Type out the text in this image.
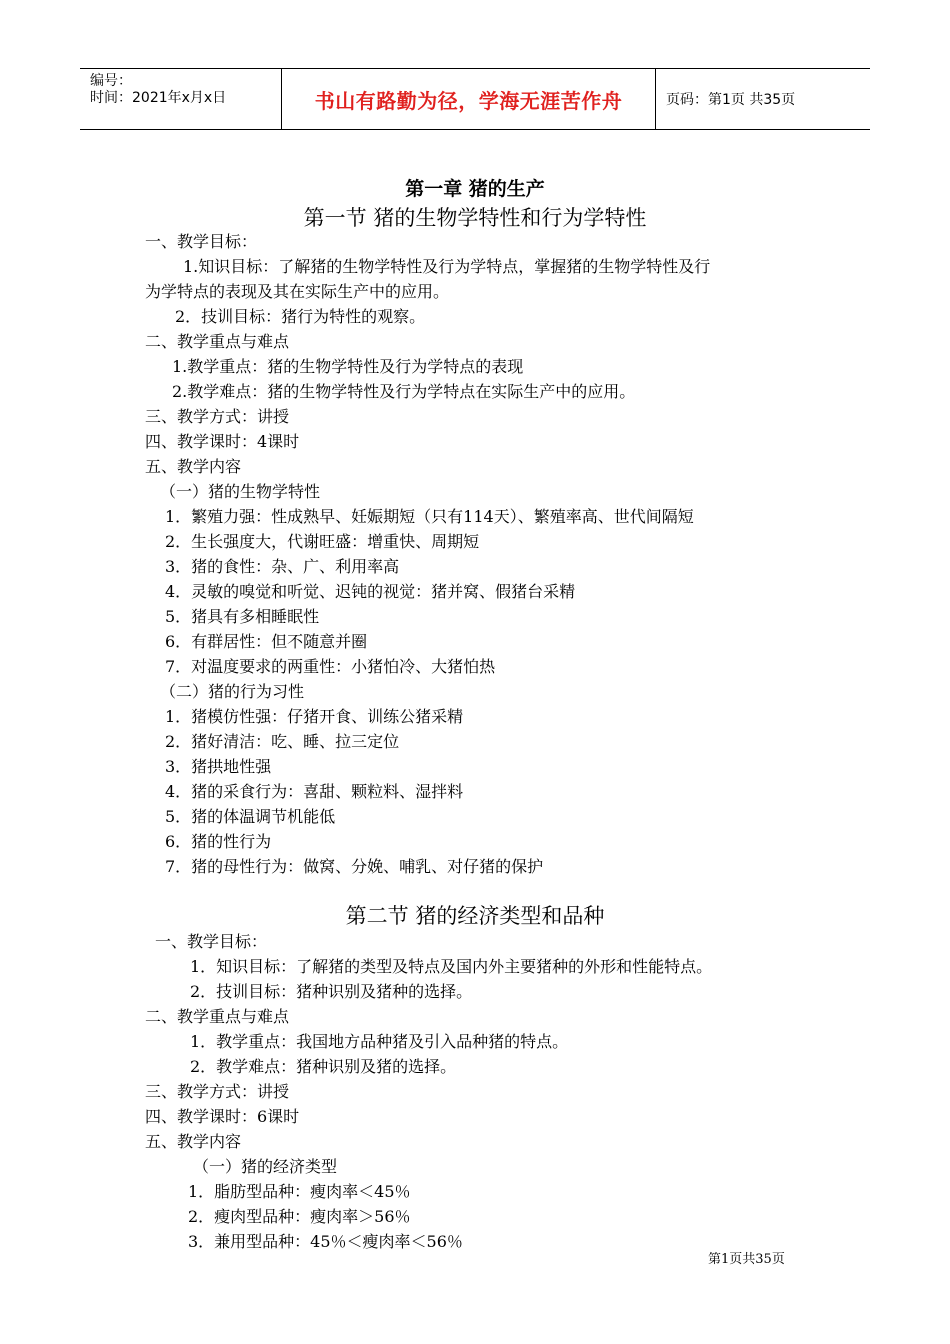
编号：
时间：2021年x月x日	书山有路勤为径，学海无涯苦作舟	页码：第1页 共35页
第一章 猪的生产
第一节 猪的生物学特性和行为学特性
一、教学目标：
1.知识目标：了解猪的生物学特性及行为学特点，掌握猪的生物学特性及行
为学特点的表现及其在实际生产中的应用。
2．技训目标：猪行为特性的观察。
二、教学重点与难点
1.教学重点：猪的生物学特性及行为学特点的表现
2.教学难点：猪的生物学特性及行为学特点在实际生产中的应用。
三、教学方式：讲授
四、教学课时：4课时
五、教学内容
（一）猪的生物学特性
1．繁殖力强：性成熟早、妊娠期短（只有114天）、繁殖率高、世代间隔短
2．生长强度大，代谢旺盛：增重快、周期短
3．猪的食性：杂、广、利用率高
4．灵敏的嗅觉和听觉、迟钝的视觉：猪并窝、假猪台采精
5．猪具有多相睡眠性
6．有群居性：但不随意并圈
7．对温度要求的两重性：小猪怕冷、大猪怕热
（二）猪的行为习性
1．猪模仿性强：仔猪开食、训练公猪采精
2．猪好清洁：吃、睡、拉三定位
3．猪拱地性强
4．猪的采食行为：喜甜、颗粒料、湿拌料
5．猪的体温调节机能低
6．猪的性行为
7．猪的母性行为：做窝、分娩、哺乳、对仔猪的保护
第二节 猪的经济类型和品种
一、教学目标：
1．知识目标：了解猪的类型及特点及国内外主要猪种的外形和性能特点。
2．技训目标：猪种识别及猪种的选择。
二、教学重点与难点
1．教学重点：我国地方品种猪及引入品种猪的特点。
2．教学难点：猪种识别及猪的选择。
三、教学方式：讲授
四、教学课时：6课时
五、教学内容
（一）猪的经济类型
1．脂肪型品种：瘦肉率＜45％
2．瘦肉型品种：瘦肉率＞56％
3．兼用型品种：45％＜瘦肉率＜56％
第1页共35页
